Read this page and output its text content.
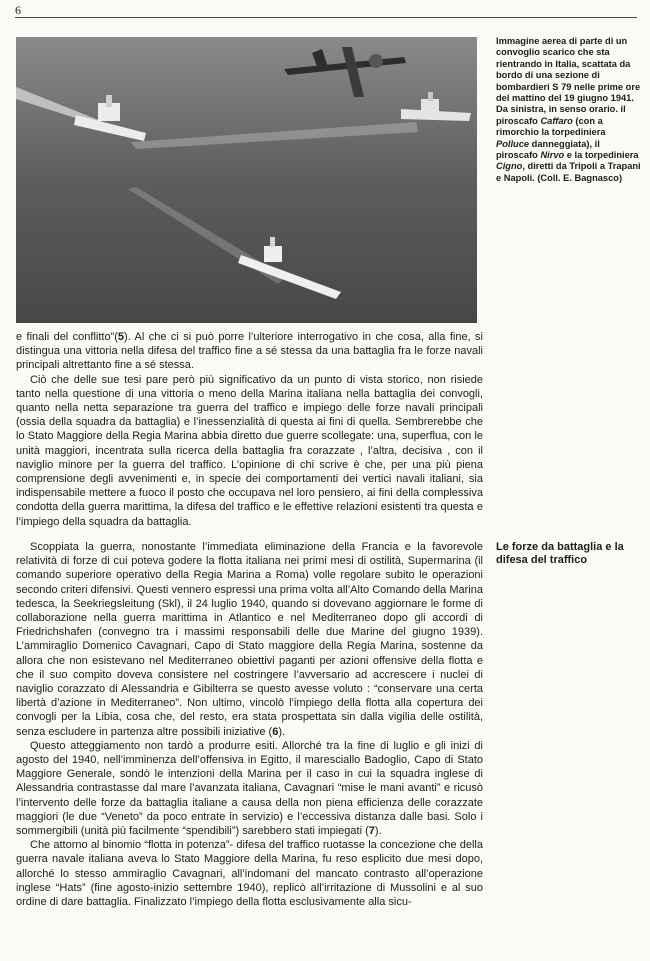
6
Immagine aerea di parte di un convoglio scarico che sta rientrando in Italia, scattata da bordo di una sezione di bombardieri S 79 nelle prime ore del mattino del 19 giugno 1941. Da sinistra, in senso orario. il piroscafo Caffaro (con a rimorchio la torpediniera Polluce danneggiata), il piroscafo Nirvo e la torpediniera Cigno, diretti da Tripoli a Trapani e Napoli. (Coll. E. Bagnasco)

e finali del conflitto”(5). Al che ci si può porre l’ulteriore interrogativo in che cosa, alla fine, si distingua una vittoria nella difesa del traffico fine a sé stessa da una battaglia fra le forze navali principali altrettanto fine a sé stessa.

Ciò che delle sue tesi pare però più significativo da un punto di vista storico, non risiede tanto nella questione di una vittoria o meno della Marina italiana nella battaglia dei convogli, quanto nella netta separazione tra guerra del traffico e impiego delle forze navali principali (ossia della squadra da battaglia) e l’inessenzialità di questa ai fini di quella. Sembrerebbe che lo Stato Maggiore della Regia Marina abbia diretto due guerre scollegate: una, superflua, con le unità maggiori, incentrata sulla ricerca della battaglia fra corazzate , l’altra, decisiva , con il naviglio minore per la guerra del traffico. L’opinione di chi scrive è che, per una più piena comprensione degli avvenimenti e, in specie dei comportamenti dei vertici navali italiani, sia indispensabile mettere a fuoco il posto che occupava nel loro pensiero, ai fini della complessiva condotta della guerra marittima, la difesa del traffico e le effettive relazioni esistenti tra questa e l’impiego della squadra da battaglia.

Le forze da battaglia e la difesa del traffico

Scoppiata la guerra, nonostante l’immediata eliminazione della Francia e la favorevole relatività di forze di cui poteva godere la flotta italiana nei primi mesi di ostilità, Supermarina (il comando superiore operativo della Regia Marina a Roma) volle regolare subito le operazioni secondo criteri difensivi. Questi vennero espressi una prima volta all’Alto Comando della Marina tedesca, la Seekriegsleitung (Skl), il 24 luglio 1940, quando si dovevano aggiornare le forme di collaborazione nella guerra marittima in Atlantico e nel Mediterraneo dopo gli accordi di Friedrichshafen (convegno tra i massimi responsabili delle due Marine del giugno 1939). L’ammiraglio Domenico Cavagnari, Capo di Stato maggiore della Regia Marina, sostenne da allora che non esistevano nel Mediterraneo obiettivi paganti per azioni offensive della flotta e che il suo compito doveva consistere nel costringere l’avversario ad accrescere i nuclei di naviglio corazzato di Alessandria e Gibilterra se questo avesse voluto : “conservare una certa libertà d’azione in Mediterraneo”. Non ultimo, vincolò l’impiego della flotta alla copertura dei convogli per la Libia, cosa che, del resto, era stata prospettata sin dalla vigilia delle ostilità, senza escludere in partenza altre possibili iniziative (6).

Questo atteggiamento non tardò a produrre esiti. Allorché tra la fine di luglio e gli inizi di agosto del 1940, nell’imminenza dell’offensiva in Egitto, il maresciallo Badoglio, Capo di Stato Maggiore Generale, sondò le intenzioni della Marina per il caso in cui la squadra inglese di Alessandria contrastasse dal mare l’avanzata italiana, Cavagnari “mise le mani avanti” e ricusò l’intervento delle forze da battaglia italiane a causa della non piena efficienza delle corazzate maggiori (le due “Veneto” da poco entrate in servizio) e l’eccessiva distanza dalle basi. Solo i sommergibili (unità più facilmente “spendibili”) sarebbero stati impiegati (7).

Che attorno al binomio “flotta in potenza”- difesa del traffico ruotasse la concezione che della guerra navale italiana aveva lo Stato Maggiore della Marina, fu reso esplicito due mesi dopo, allorché lo stesso ammiraglio Cavagnari, all’indomani del mancato contrasto all’operazione inglese “Hats” (fine agosto-inizio settembre 1940), replicò all’irritazione di Mussolini e al suo ordine di dare battaglia. Finalizzato l’impiego della flotta esclusivamente alla sicu-
